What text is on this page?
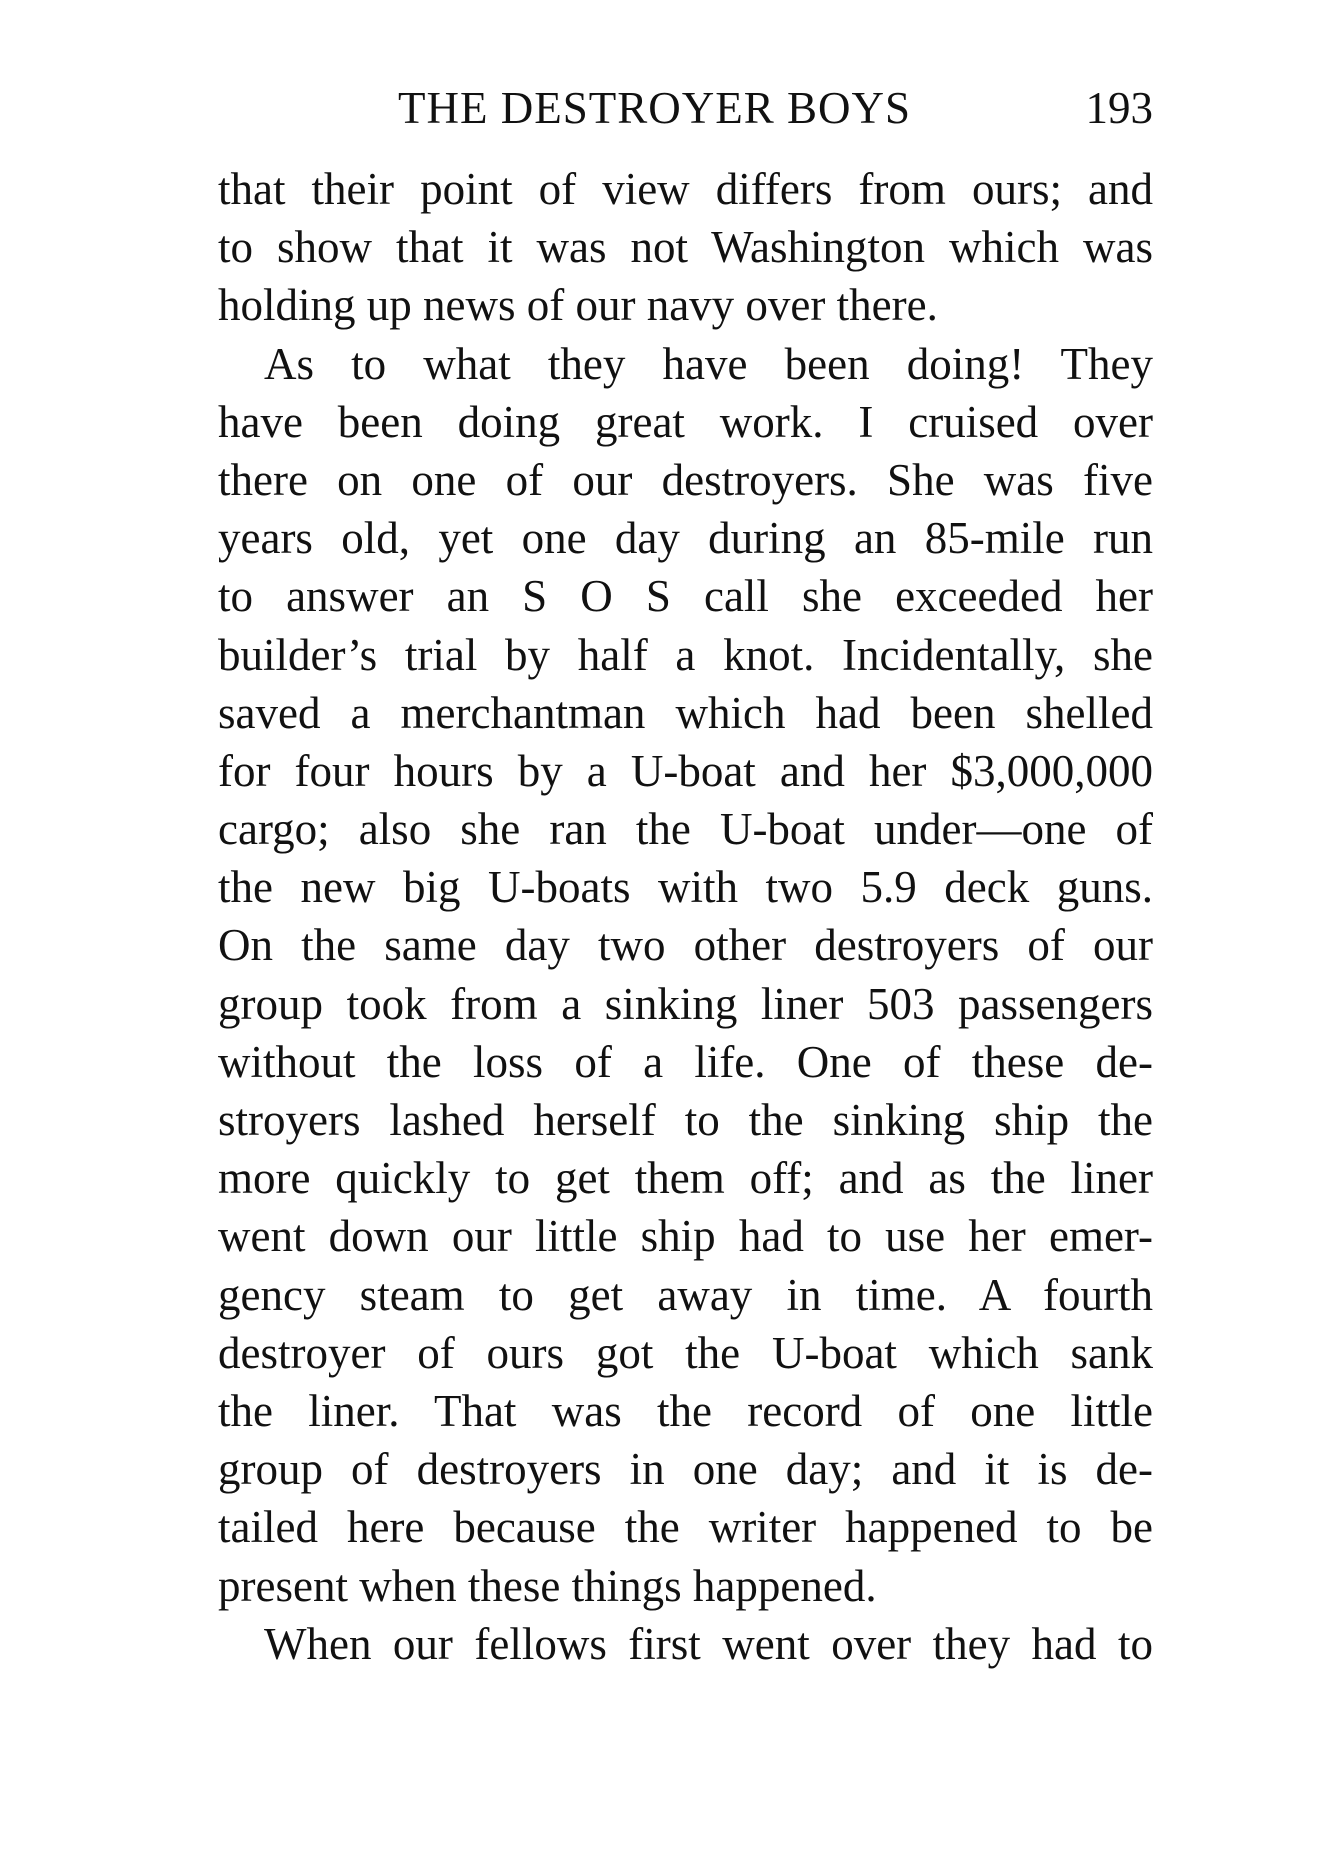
THE DESTROYER BOYS	193
that their point of view differs from ours; and
to show that it was not Washington which was
holding up news of our navy over there.
As to what they have been doing! They
have been doing great work. I cruised over
there on one of our destroyers. She was five
years old, yet one day during an 85-mile run
to answer an S O S call she exceeded her
builder’s trial by half a knot. Incidentally, she
saved a merchantman which had been shelled
for four hours by a U-boat and her $3,000,000
cargo; also she ran the U-boat under—one of
the new big U-boats with two 5.9 deck guns.
On the same day two other destroyers of our
group took from a sinking liner 503 passengers
without the loss of a life. One of these de-
stroyers lashed herself to the sinking ship the
more quickly to get them off; and as the liner
went down our little ship had to use her emer-
gency steam to get away in time. A fourth
destroyer of ours got the U-boat which sank
the liner. That was the record of one little
group of destroyers in one day; and it is de-
tailed here because the writer happened to be
present when these things happened.
When our fellows first went over they had to
